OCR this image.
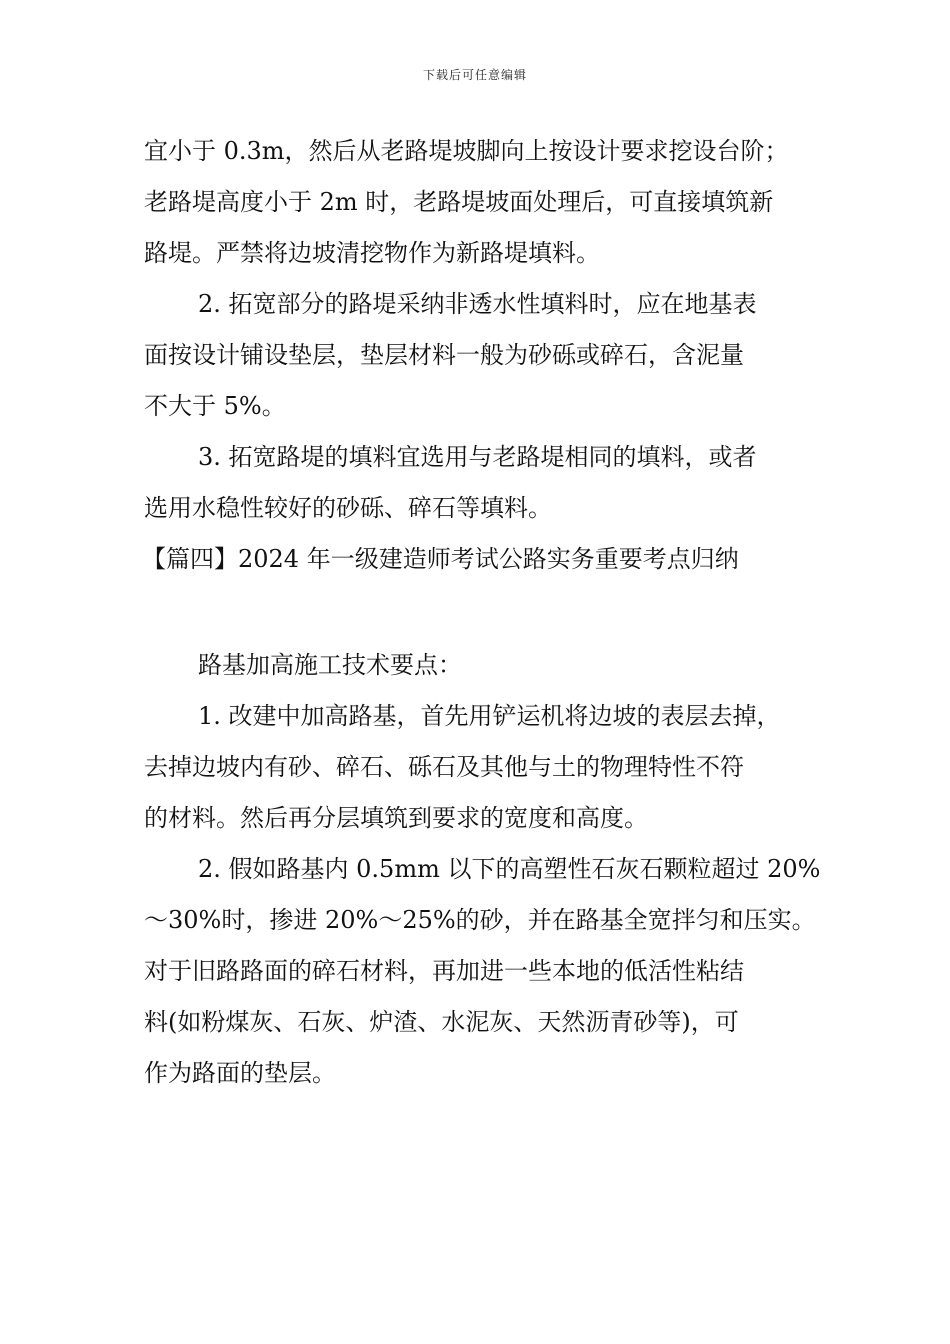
下载后可任意编辑
宜小于 0.3m，然后从老路堤坡脚向上按设计要求挖设台阶；
老路堤高度小于 2m 时，老路堤坡面处理后，可直接填筑新
路堤。严禁将边坡清挖物作为新路堤填料。
2. 拓宽部分的路堤采纳非透水性填料时，应在地基表
面按设计铺设垫层，垫层材料一般为砂砾或碎石，含泥量
不大于 5%。
3. 拓宽路堤的填料宜选用与老路堤相同的填料，或者
选用水稳性较好的砂砾、碎石等填料。
【篇四】2024 年一级建造师考试公路实务重要考点归纳
路基加高施工技术要点：
1. 改建中加高路基，首先用铲运机将边坡的表层去掉，
去掉边坡内有砂、碎石、砾石及其他与土的物理特性不符
的材料。然后再分层填筑到要求的宽度和高度。
2. 假如路基内 0.5mm 以下的高塑性石灰石颗粒超过 20%
～30%时，掺进 20%～25%的砂，并在路基全宽拌匀和压实。
对于旧路路面的碎石材料，再加进一些本地的低活性粘结
料(如粉煤灰、石灰、炉渣、水泥灰、天然沥青砂等)，可
作为路面的垫层。
